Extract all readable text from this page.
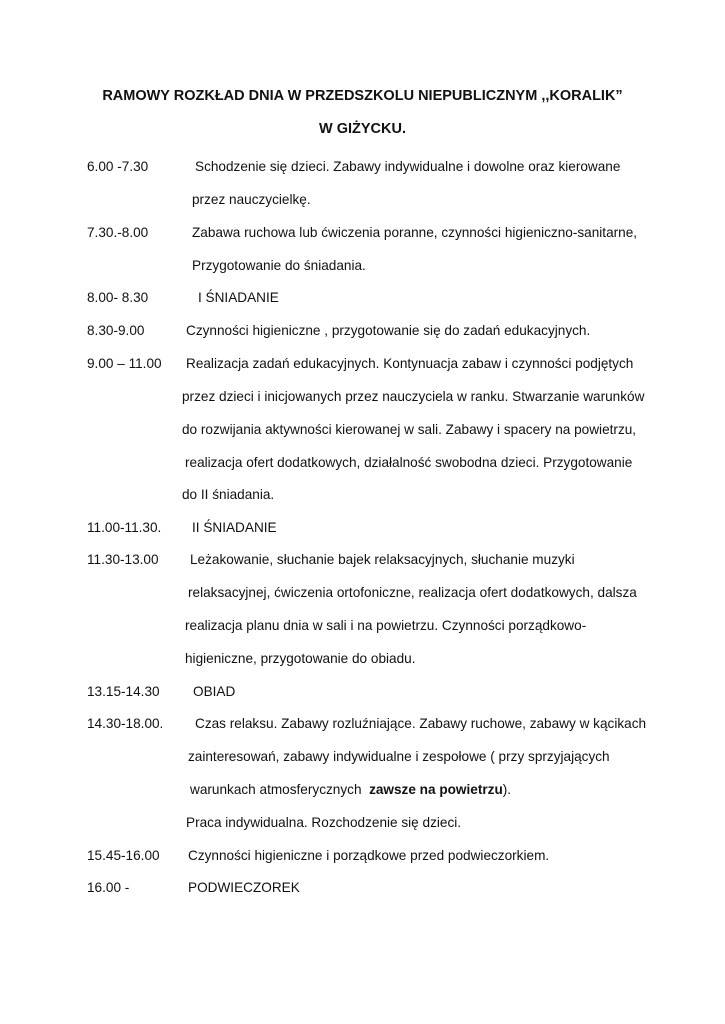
RAMOWY ROZKŁAD DNIA W PRZEDSZKOLU NIEPUBLICZNYM ,,KORALIK”
W GIŻYCKU.
6.00 -7.30	Schodzenie się dzieci. Zabawy indywidualne i dowolne oraz kierowane
przez nauczycielkę.
7.30.-8.00	Zabawa ruchowa lub ćwiczenia poranne, czynności higieniczno-sanitarne,
Przygotowanie do śniadania.
8.00- 8.30	I ŚNIADANIE
8.30-9.00	Czynności higieniczne , przygotowanie się do zadań edukacyjnych.
9.00 – 11.00 Realizacja zadań edukacyjnych. Kontynuacja zabaw i czynności podjętych
przez dzieci i inicjowanych przez nauczyciela w ranku. Stwarzanie warunków
do rozwijania aktywności kierowanej w sali. Zabawy i spacery na powietrzu,
realizacja ofert dodatkowych, działalność swobodna dzieci. Przygotowanie
do II śniadania.
11.00-11.30. II ŚNIADANIE
11.30-13.00 Leżakowanie, słuchanie bajek relaksacyjnych, słuchanie muzyki
relaksacyjnej, ćwiczenia ortofoniczne, realizacja ofert dodatkowych, dalsza
realizacja planu dnia w sali i na powietrzu. Czynności porządkowo-
higieniczne, przygotowanie do obiadu.
13.15-14.30 OBIAD
14.30-18.00. Czas relaksu. Zabawy rozluźniające. Zabawy ruchowe, zabawy w kącikach
zainteresowań, zabawy indywidualne i zespołowe ( przy sprzyjających
warunkach atmosferycznych  zawsze na powietrzu).
Praca indywidualna. Rozchodzenie się dzieci.
15.45-16.00 Czynności higieniczne i porządkowe przed podwieczorkiem.
16.00 -	PODWIECZOREK
